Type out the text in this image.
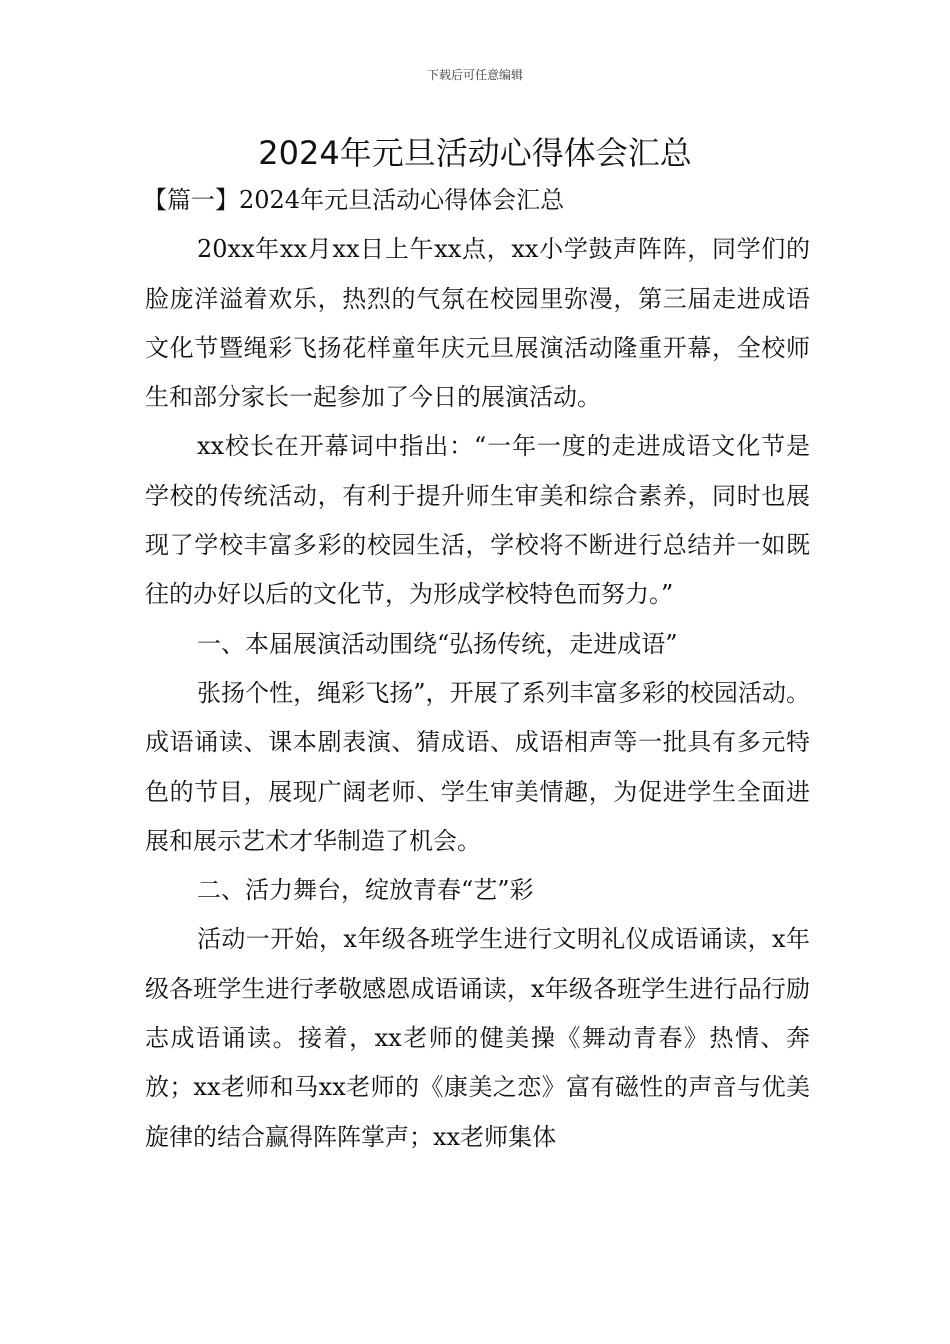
下载后可任意编辑
2024年元旦活动心得体会汇总

【篇一】2024年元旦活动心得体会汇总

20xx年xx月xx日上午xx点，xx小学鼓声阵阵，同学们的脸庞洋溢着欢乐，热烈的气氛在校园里弥漫，第三届走进成语文化节暨绳彩飞扬花样童年庆元旦展演活动隆重开幕，全校师生和部分家长一起参加了今日的展演活动。

xx校长在开幕词中指出：“一年一度的走进成语文化节是学校的传统活动，有利于提升师生审美和综合素养，同时也展现了学校丰富多彩的校园生活，学校将不断进行总结并一如既往的办好以后的文化节，为形成学校特色而努力。”

一、本届展演活动围绕“弘扬传统，走进成语”

张扬个性，绳彩飞扬”，开展了系列丰富多彩的校园活动。成语诵读、课本剧表演、猜成语、成语相声等一批具有多元特色的节目，展现广阔老师、学生审美情趣，为促进学生全面进展和展示艺术才华制造了机会。

二、活力舞台，绽放青春“艺”彩

活动一开始，x年级各班学生进行文明礼仪成语诵读，x年级各班学生进行孝敬感恩成语诵读，x年级各班学生进行品行励志成语诵读。接着，xx老师的健美操《舞动青春》热情、奔放；xx老师和马xx老师的《康美之恋》富有磁性的声音与优美旋律的结合赢得阵阵掌声；xx老师集体
